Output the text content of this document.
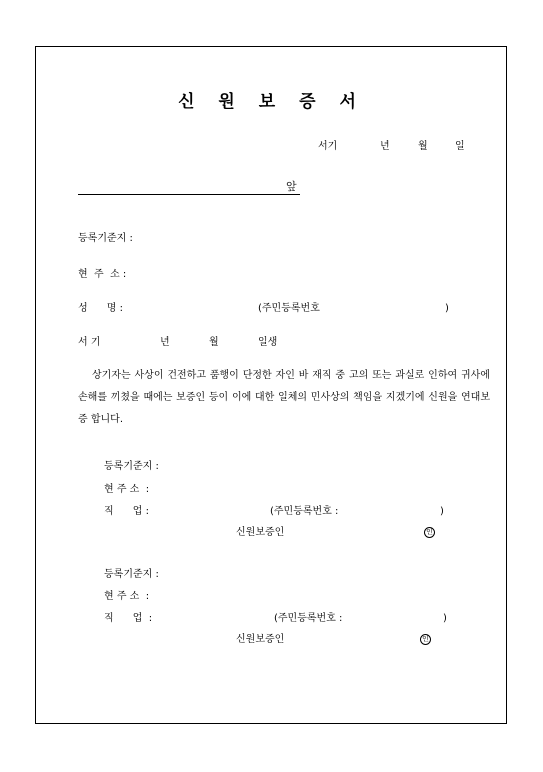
신 원 보 증 서
서기	년	월	일
앞
등록기준지 :
현  주  소 :
성      명 :	(주민등록번호	)
서 기	년	월	일생
상기자는 사상이 건전하고 품행이 단정한 자인 바 재직 중 고의 또는 과실로 인하여 귀사에 손해를 끼쳤을 때에는 보증인 등이 이에 대한 일체의 민사상의 책임을 지겠기에 신원을 연대보증 합니다.
등록기준지 :
현 주 소  :
직      업 :	(주민등록번호 :	)
신원보증인	인
등록기준지 :
현 주 소  :
직      업  :	(주민등록번호 :	)
신원보증인	인
